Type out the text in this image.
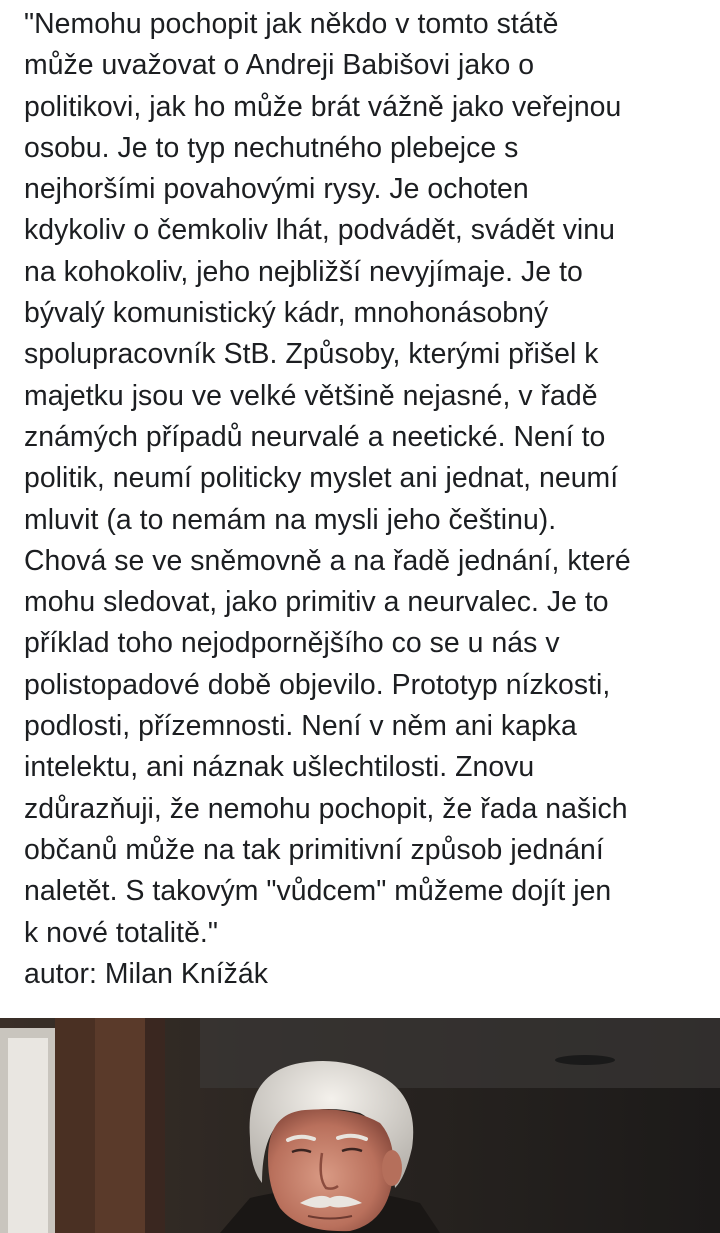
"Nemohu pochopit jak někdo v tomto státě
může uvažovat o Andreji Babišovi jako o
politikovi, jak ho může brát vážně jako veřejnou
osobu. Je to typ nechutného plebejce s
nejhoršími povahovými rysy. Je ochoten
kdykoliv o čemkoliv lhát, podvádět, svádět vinu
na kohokoliv, jeho nejbližší nevyjímaje. Je to
bývalý komunistický kádr, mnohonásobný
spolupracovník StB. Způsoby, kterými přišel k
majetku jsou ve velké většině nejasné, v řadě
známých případů neurvalé a neetické. Není to
politik, neumí politicky myslet ani jednat, neumí
mluvit (a to nemám na mysli jeho češtinu).
Chová se ve sněmovně a na řadě jednání, které
mohu sledovat, jako primitiv a neurvalec. Je to
příklad toho nejodpornějšího co se u nás v
polistopadové době objevilo. Prototyp nízkosti,
podlosti, přízemnosti. Není v něm ani kapka
intelektu, ani náznak ušlechtilosti. Znovu
zdůrazňuji, že nemohu pochopit, že řada našich
občanů může na tak primitivní způsob jednání
naletět. S takovým "vůdcem" můžeme dojít jen
k nové totalitě."
autor: Milan Knížák
